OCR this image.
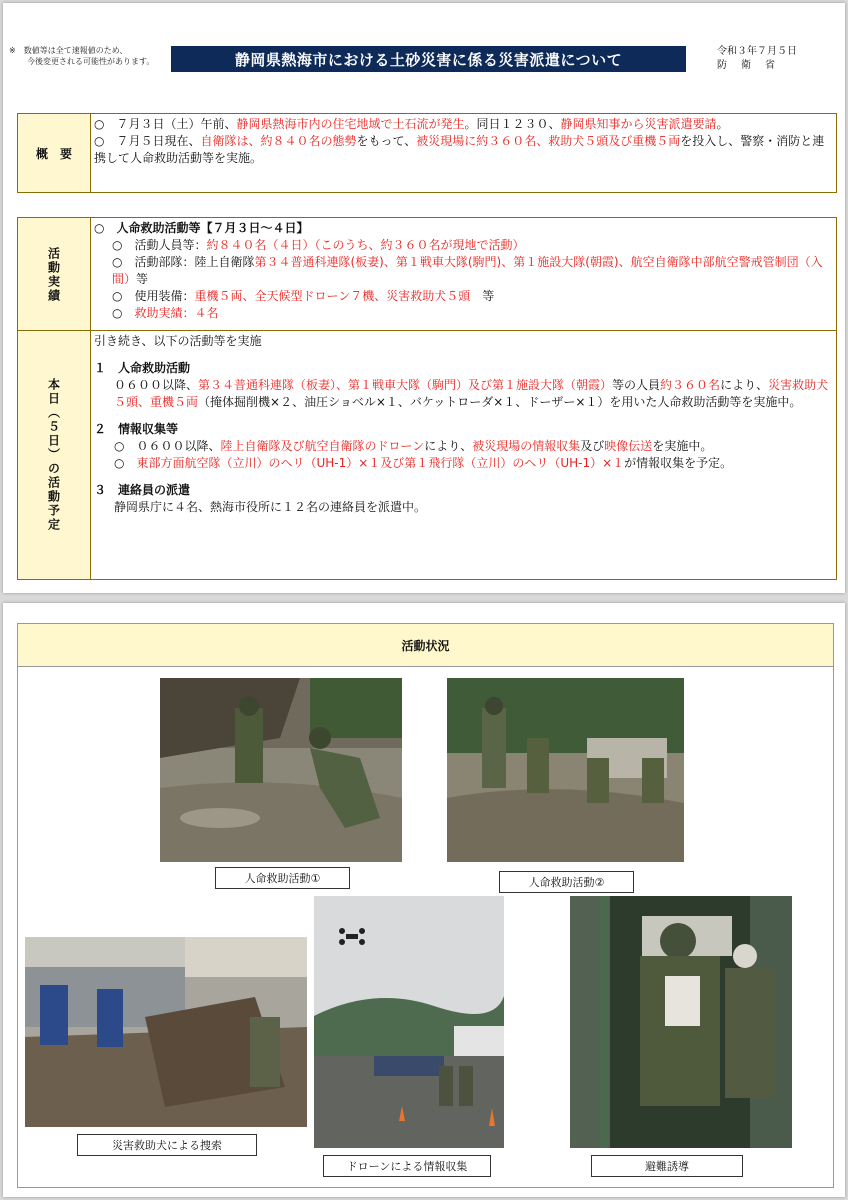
※　数値等は全て速報値のため、
今後変更される可能性があります。	静岡県熱海市における土砂災害に係る災害派遣について	令和３年７月５日
防衛省
概　要
○　７月３日（土）午前、静岡県熱海市内の住宅地域で土石流が発生。同日１２３０、静岡県知事から災害派遣要請。
○　７月５日現在、自衛隊は、約８４０名の態勢をもって、被災現場に約３６０名、救助犬５頭及び重機５両を投入し、警察・消防と連携して人命救助活動等を実施。
活動実績
○　人命救助活動等【７月３日～４日】
○　活動人員等：約８４０名（４日）（このうち、約３６０名が現地で活動）
○　活動部隊：陸上自衛隊第３４普通科連隊(板妻)、第１戦車大隊(駒門)、第１施設大隊(朝霞)、航空自衛隊中部航空警戒管制団（入間）等
○　使用装備：重機５両、全天候型ドローン７機、災害救助犬５頭　 等
○　救助実績：４名
本日（５日）の活動予定
引き続き、以下の活動等を実施
１　人命救助活動
０６００以降、第３４普通科連隊（板妻）、第１戦車大隊（駒門）及び第１施設大隊（朝霞）等の人員約３６０名により、災害救助犬５頭、重機５両（掩体掘削機×２、油圧ショベル×１、バケットローダ×１、ドーザー×１）を用いた人命救助活動等を実施中。
２　情報収集等
○　０６００以降、陸上自衛隊及び航空自衛隊のドローンにより、被災現場の情報収集及び映像伝送を実施中。
○　東部方面航空隊（立川）のヘリ（UH-1）×１及び第１飛行隊（立川）のヘリ（UH-1）×１が情報収集を予定。
３　連絡員の派遣
静岡県庁に４名、熱海市役所に１２名の連絡員を派遣中。
活動状況
人命救助活動①	人命救助活動②
災害救助犬による捜索
ドローンによる情報収集	避難誘導
